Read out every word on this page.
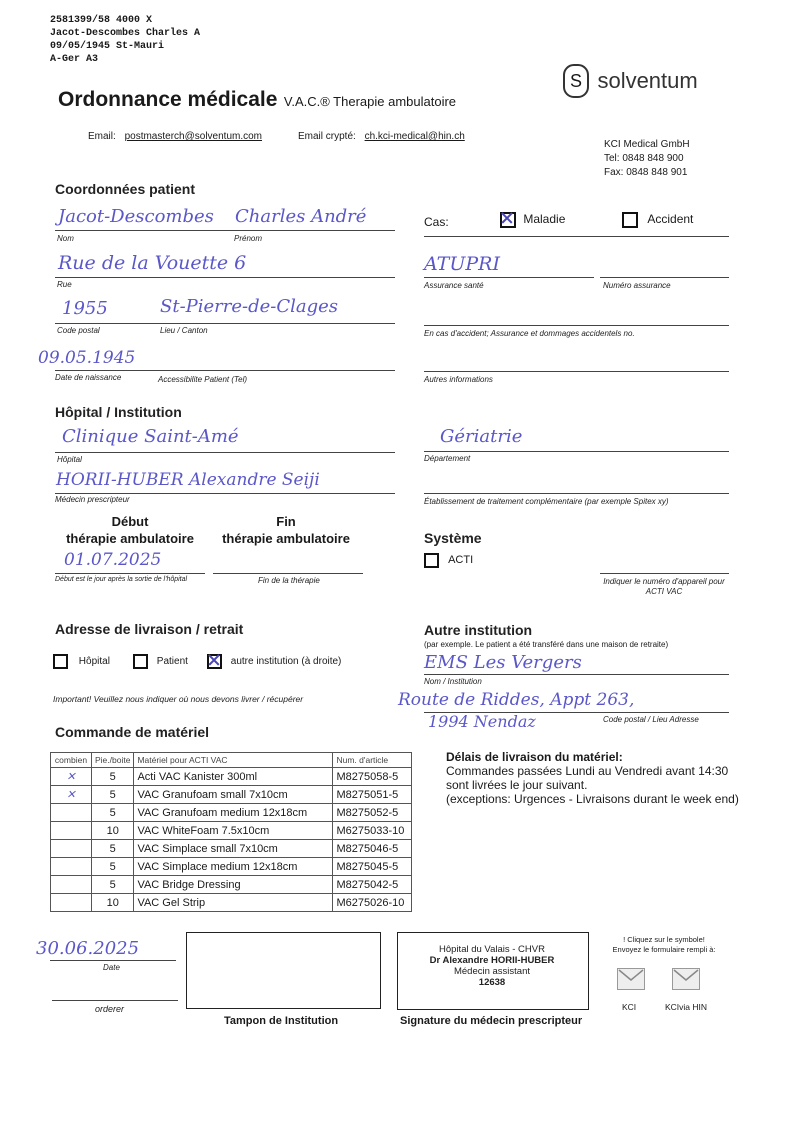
2581399/58 4000 X
Jacot-Descombes Charles A
09/05/1945 St-Mauri
A-Ger A3
S solventum
Ordonnance médicale V.A.C.® Therapie ambulatoire
Email: postmasterch@solventum.com	Email crypté: ch.kci-medical@hin.ch
KCI Medical GmbH
Tel: 0848 848 900
Fax: 0848 848 901
Coordonnées patient
Jacot-Descombes Charles André
Nom	Prénom
Rue de la Vouette 6
Rue
1955	St-Pierre-de-Clages
Code postal	Lieu / Canton
09.05.1945
Date de naissance	Accessibilite Patient (Tel)
Cas:	Maladie	Accident
ATUPRI
Assurance santé	Numéro assurance
En cas d'accident; Assurance et dommages accidentels no.
Autres informations
Hôpital / Institution
Clinique Saint-Amé
Hôpital
Gériatrie
Département
HORII-HUBER Alexandre Seiji
Médecin prescripteur	Établissement de traitement complémentaire (par exemple Spitex xy)
Début
thérapie ambulatoire
Fin
thérapie ambulatoire
01.07.2025
Début est le jour après la sortie de l'hôpital	Fin de la thérapie
Système
ACTI
Indiquer le numéro d'appareil pour
ACTI VAC
Adresse de livraison / retrait
Hôpital	Patient	autre institution (à droite)
Important! Veuillez nous indiquer où nous devons livrer / récupérer
Autre institution
(par exemple. Le patient a été transféré dans une maison de retraite)
EMS Les Vergers
Nom / Institution
Route de Riddes, Appt 263,
1994 Nendaz	Code postal / Lieu Adresse
Commande de matériel
combien	Pie./boite	Matériel pour ACTI VAC	Num. d'article
✕	5	Acti VAC Kanister 300ml	M8275058-5
✕	5	VAC Granufoam small 7x10cm	M8275051-5
	5	VAC Granufoam medium 12x18cm	M8275052-5
	10	VAC WhiteFoam 7.5x10cm	M6275033-10
	5	VAC Simplace small 7x10cm	M8275046-5
	5	VAC Simplace medium 12x18cm	M8275045-5
	5	VAC Bridge Dressing	M8275042-5
	10	VAC Gel Strip	M6275026-10
Délais de livraison du matériel:
Commandes passées Lundi au Vendredi avant 14:30
sont livrées le jour suivant.
(exceptions: Urgences - Livraisons durant le week end)
30.06.2025
Date
orderer
Tampon de Institution
Hôpital du Valais - CHVR
Dr Alexandre HORII-HUBER
Médecin assistant
12638
Signature du médecin prescripteur
! Cliquez sur le symbole!
Envoyez le formulaire rempli à:
KCI	KCIvia HIN
